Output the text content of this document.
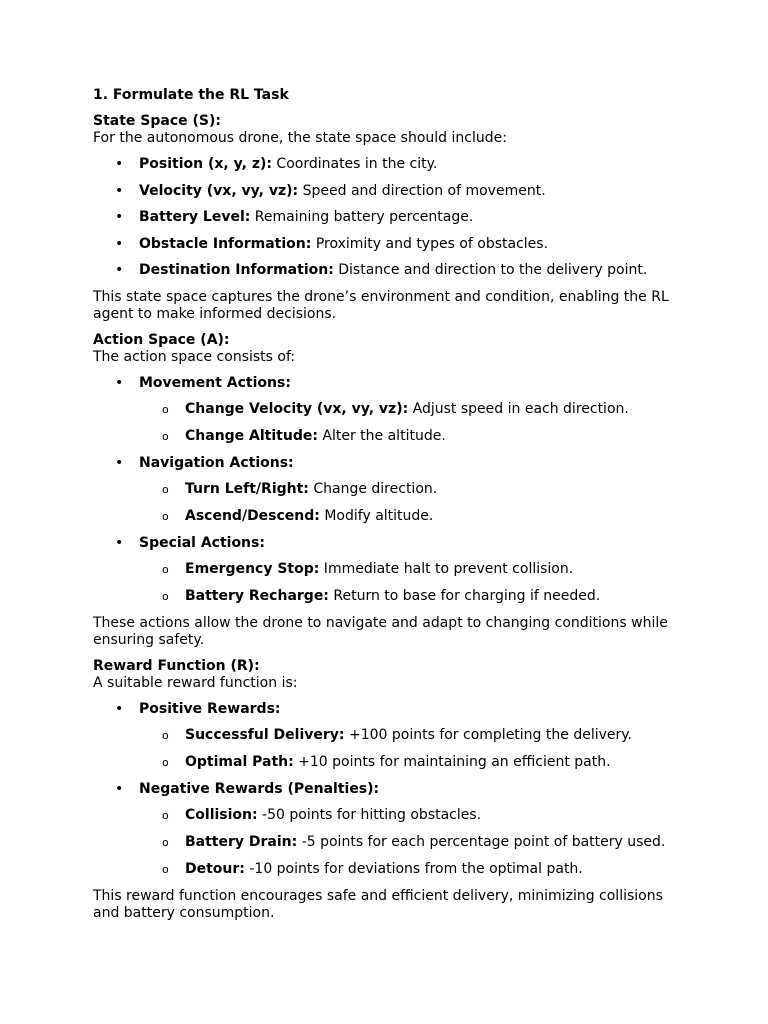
1. Formulate the RL Task
State Space (S):
For the autonomous drone, the state space should include:
• Position (x, y, z): Coordinates in the city.
• Velocity (vx, vy, vz): Speed and direction of movement.
• Battery Level: Remaining battery percentage.
• Obstacle Information: Proximity and types of obstacles.
• Destination Information: Distance and direction to the delivery point.
This state space captures the drone’s environment and condition, enabling the RL agent to make informed decisions.
Action Space (A):
The action space consists of:
• Movement Actions:
o Change Velocity (vx, vy, vz): Adjust speed in each direction.
o Change Altitude: Alter the altitude.
• Navigation Actions:
o Turn Left/Right: Change direction.
o Ascend/Descend: Modify altitude.
• Special Actions:
o Emergency Stop: Immediate halt to prevent collision.
o Battery Recharge: Return to base for charging if needed.
These actions allow the drone to navigate and adapt to changing conditions while ensuring safety.
Reward Function (R):
A suitable reward function is:
• Positive Rewards:
o Successful Delivery: +100 points for completing the delivery.
o Optimal Path: +10 points for maintaining an efficient path.
• Negative Rewards (Penalties):
o Collision: -50 points for hitting obstacles.
o Battery Drain: -5 points for each percentage point of battery used.
o Detour: -10 points for deviations from the optimal path.
This reward function encourages safe and efficient delivery, minimizing collisions and battery consumption.
